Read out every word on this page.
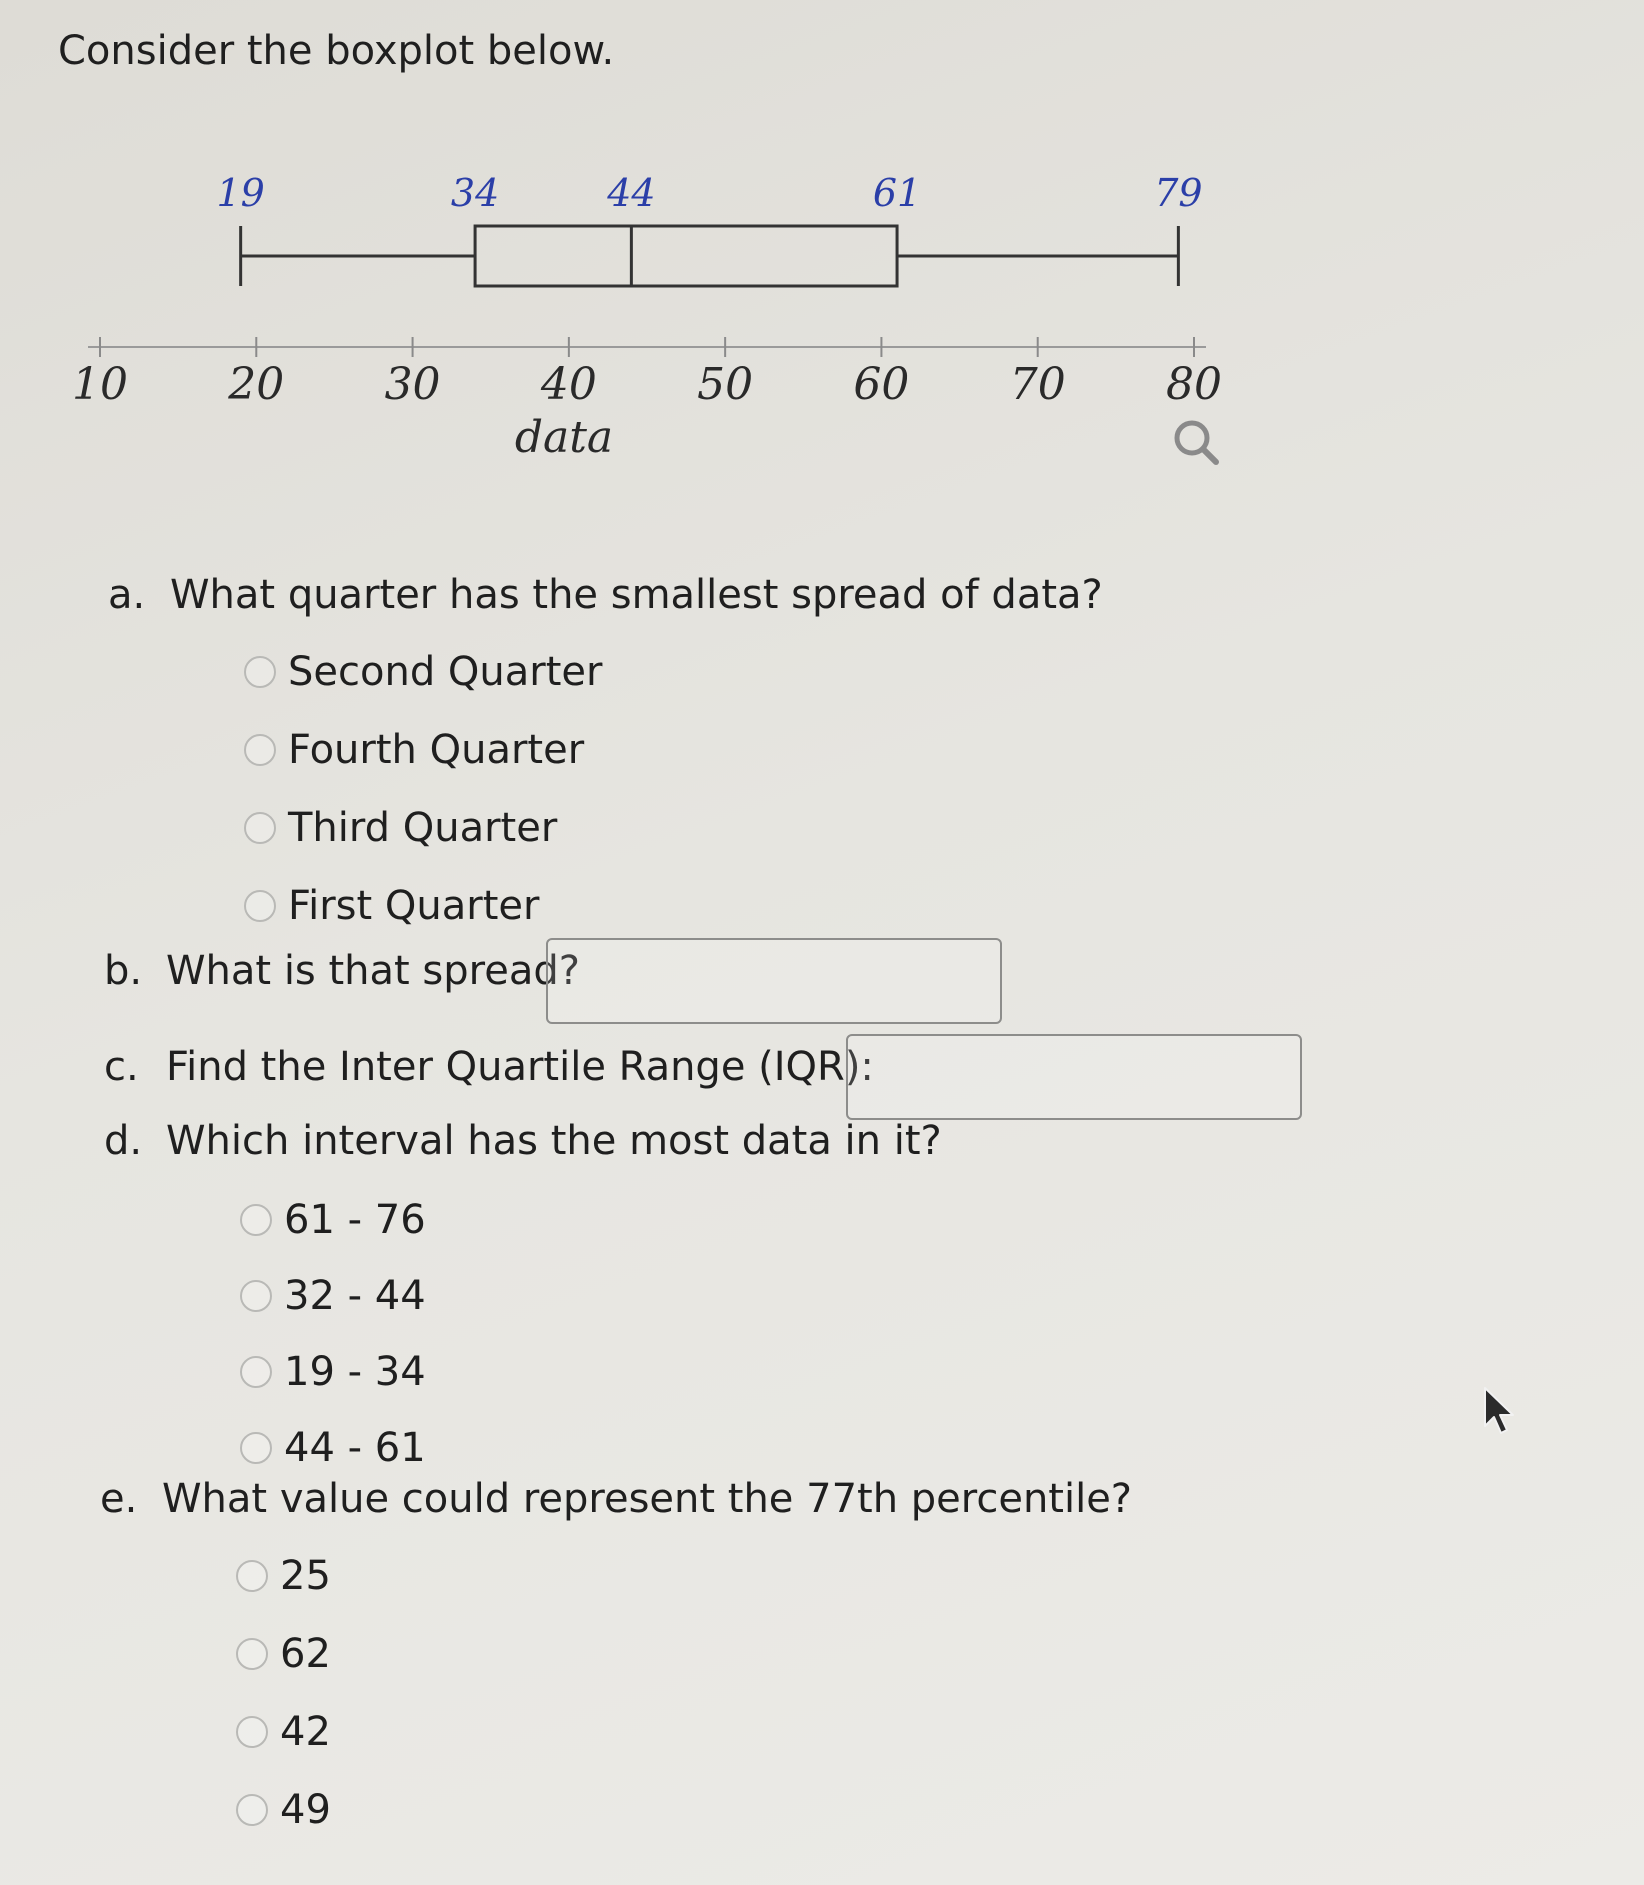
Consider the boxplot below.
10 20 30 40 50 60 70 80
19	34	44	61	79
data
a. What quarter has the smallest spread of data?
Second Quarter
Fourth Quarter
Third Quarter
First Quarter
b. What is that spread?
c. Find the Inter Quartile Range (IQR):
d. Which interval has the most data in it?
61 - 76
32 - 44
19 - 34
44 - 61
e. What value could represent the 77th percentile?
25
62
42
49
